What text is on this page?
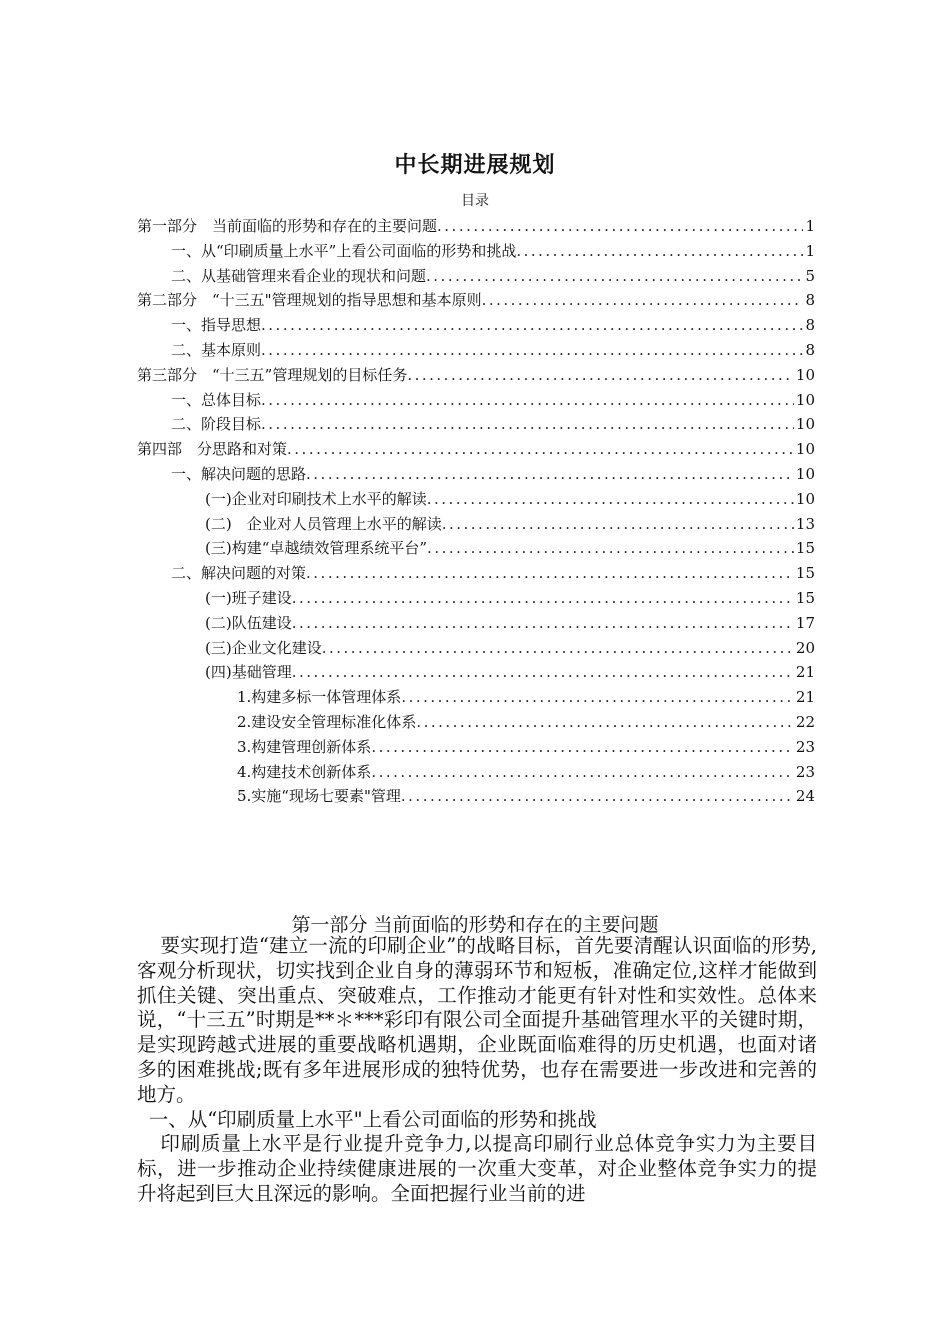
中长期进展规划
目录
第一部分　当前面临的形势和存在的主要问题 .....	1
一、从“印刷质量上水平”上看公司面临的形势和挑战 .....	1
二、从基础管理来看企业的现状和问题 .....	5
第二部分　“十三五"管理规划的指导思想和基本原则 .....	8
一、指导思想 .....	8
二、基本原则 .....	8
第三部分　“十三五”管理规划的目标任务 .....	10
一、总体目标 .....	10
二、阶段目标 .....	10
第四部　分思路和对策 .....	10
一、解决问题的思路 .....	10
(一)企业对印刷技术上水平的解读 .....	10
(二)　企业对人员管理上水平的解读 .....	13
(三)构建“卓越绩效管理系统平台” .....	15
二、解决问题的对策 .....	15
(一)班子建设 .....	15
(二)队伍建设 .....	17
(三)企业文化建设 .....	20
(四)基础管理 .....	21
1.构建多标一体管理体系 .....	21
2.建设安全管理标准化体系 .....	22
3.构建管理创新体系 .....	23
4.构建技术创新体系 .....	23
5.实施“现场七要素"管理 .....	24
第一部分 当前面临的形势和存在的主要问题

要实现打造“建立一流的印刷企业”的战略目标，首先要清醒认识面临的形势,客观分析现状，切实找到企业自身的薄弱环节和短板，准确定位,这样才能做到抓住关键、突出重点、突破难点，工作推动才能更有针对性和实效性。总体来说，“十三五”时期是**＊***彩印有限公司全面提升基础管理水平的关键时期，是实现跨越式进展的重要战略机遇期，企业既面临难得的历史机遇，也面对诸多的困难挑战;既有多年进展形成的独特优势，也存在需要进一步改进和完善的地方。

一、从“印刷质量上水平"上看公司面临的形势和挑战

印刷质量上水平是行业提升竞争力,以提高印刷行业总体竞争实力为主要目标，进一步推动企业持续健康进展的一次重大变革，对企业整体竞争实力的提升将起到巨大且深远的影响。全面把握行业当前的进
